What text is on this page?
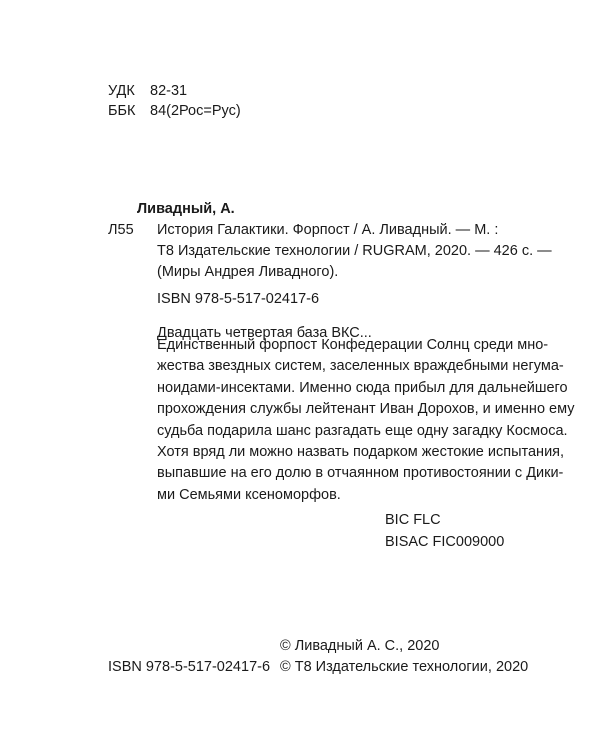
УДК 82-31
ББК 84(2Рос=Рус)
Ливадный, А.
Л55 История Галактики. Форпост / А. Ливадный. — М. :
Т8 Издательские технологии / RUGRAM, 2020. — 426 с. —
(Миры Андрея Ливадного).
ISBN 978-5-517-02417-6
Двадцать четвертая база ВКС...
Единственный форпост Конфедерации Солнц среди мно-
жества звездных систем, заселенных враждебными негума-
ноидами-инсектами. Именно сюда прибыл для дальнейшего
прохождения службы лейтенант Иван Дорохов, и именно ему
судьба подарила шанс разгадать еще одну загадку Космоса.
Хотя вряд ли можно назвать подарком жестокие испытания,
выпавшие на его долю в отчаянном противостоянии с Дики-
ми Семьями ксеноморфов.
BIC FLC
BISAC FIC009000
© Ливадный А. С., 2020
ISBN 978-5-517-02417-6 © Т8 Издательские технологии, 2020
